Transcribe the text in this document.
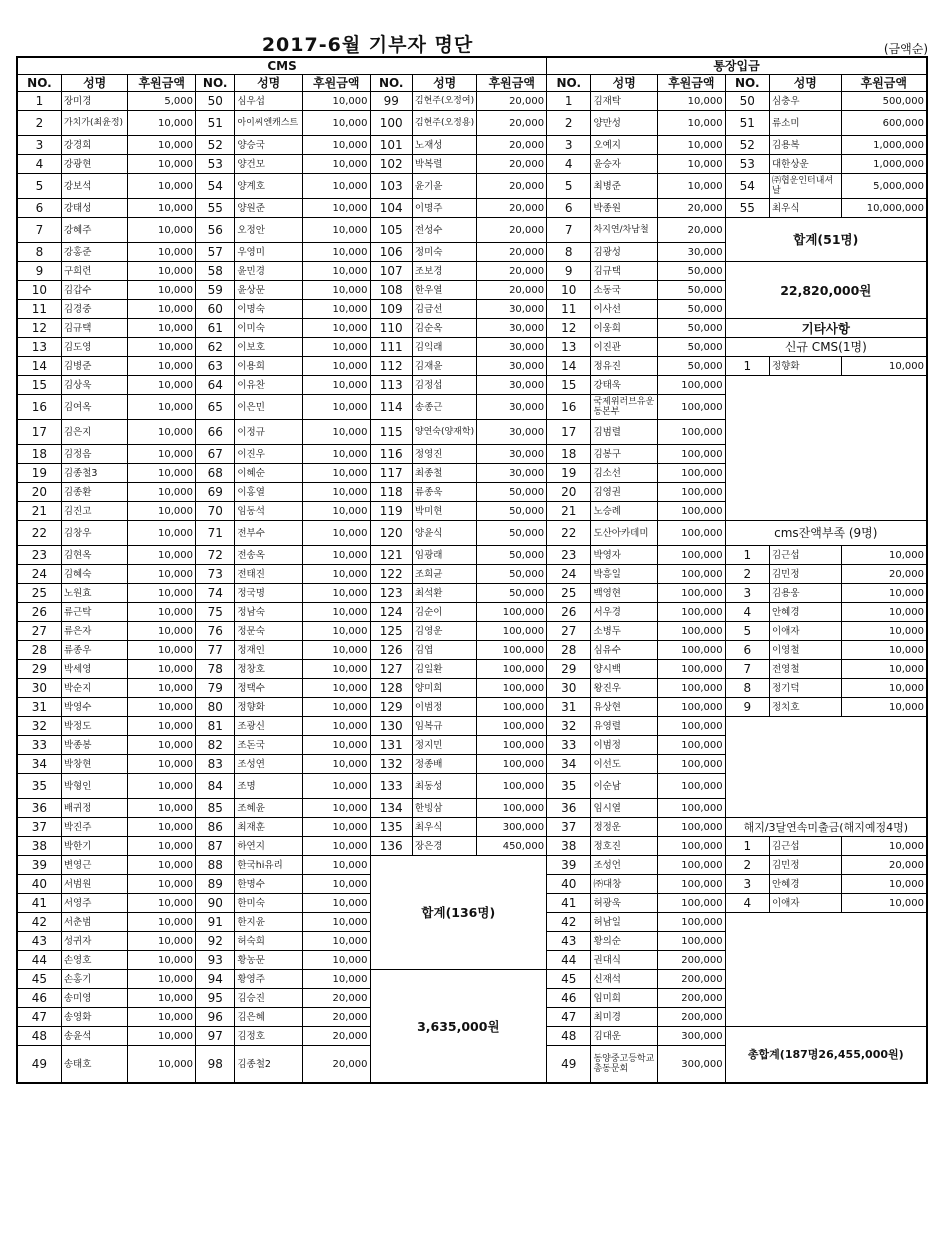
2017-6월 기부자 명단	(금액순)
CMS									통장입금					
NO.	성명	후원금액	NO.	성명	후원금액	NO.	성명	후원금액	NO.	성명	후원금액	NO.	성명	후원금액
1	장미경	5,000	50	심우섭	10,000	99	김현주(오정여)	20,000	1	김재탁	10,000	50	심충우	500,000
2	가치가(최윤정)	10,000	51	아이씨엔캐스트	10,000	100	김현주(오정용)	20,000	2	양만성	10,000	51	류소미	600,000
3	강경희	10,000	52	양승국	10,000	101	노재성	20,000	3	오예지	10,000	52	김용복	1,000,000
4	강광현	10,000	53	양건모	10,000	102	박복렬	20,000	4	윤승자	10,000	53	대한상운	1,000,000
5	강보석	10,000	54	양계호	10,000	103	윤기윤	20,000	5	최병준	10,000	54	㈜협운인터내셔날	5,000,000
6	강태성	10,000	55	양원준	10,000	104	이명주	20,000	6	박종원	20,000	55	최우식	10,000,000
7	강혜주	10,000	56	오정안	10,000	105	전성수	20,000	7	차지연/차남철	20,000	합계(51명)		
8	강홍준	10,000	57	우영미	10,000	106	정미숙	20,000	8	김광성	30,000			
9	구희련	10,000	58	윤민경	10,000	107	조보경	20,000	9	김규택	50,000	22,820,000원		
10	김갑수	10,000	59	윤상문	10,000	108	한우열	20,000	10	소동국	50,000			
11	김경중	10,000	60	이명숙	10,000	109	김금선	30,000	11	이사선	50,000			
12	김규택	10,000	61	이미숙	10,000	110	김순옥	30,000	12	이웅희	50,000	기타사항		
13	김도영	10,000	62	이보호	10,000	111	김익래	30,000	13	이진관	50,000	신규 CMS(1명)		
14	김병준	10,000	63	이용희	10,000	112	김재윤	30,000	14	정유진	50,000	1	정향화	10,000
15	김상욱	10,000	64	이유찬	10,000	113	김정섭	30,000	15	강태욱	100,000			
16	김여옥	10,000	65	이은민	10,000	114	송종근	30,000	16	국제위러브유운동본부	100,000			
17	김은지	10,000	66	이정규	10,000	115	양연숙(양재학)	30,000	17	김범렬	100,000			
18	김정음	10,000	67	이진우	10,000	116	정영진	30,000	18	김봉구	100,000			
19	김종철3	10,000	68	이혜순	10,000	117	최종철	30,000	19	김소선	100,000			
20	김종환	10,000	69	이홍열	10,000	118	류종욱	50,000	20	김영권	100,000			
21	김진고	10,000	70	임동석	10,000	119	박미현	50,000	21	노승례	100,000			
22	김창우	10,000	71	전부수	10,000	120	양윤식	50,000	22	도산아카데미	100,000	cms잔액부족 (9명)		
23	김현옥	10,000	72	전송옥	10,000	121	임광래	50,000	23	박영자	100,000	1	김근섭	10,000
24	김혜숙	10,000	73	전태진	10,000	122	조희균	50,000	24	박흥일	100,000	2	김민정	20,000
25	노원효	10,000	74	정국명	10,000	123	최석환	50,000	25	백영현	100,000	3	김용웅	10,000
26	류근탁	10,000	75	정남숙	10,000	124	김순이	100,000	26	서우경	100,000	4	안혜경	10,000
27	류은자	10,000	76	정문숙	10,000	125	김영운	100,000	27	소병두	100,000	5	이애자	10,000
28	류종우	10,000	77	정재인	10,000	126	김엽	100,000	28	심유수	100,000	6	이영철	10,000
29	박세영	10,000	78	정창호	10,000	127	김일환	100,000	29	양시백	100,000	7	전영철	10,000
30	박순지	10,000	79	정택수	10,000	128	양미희	100,000	30	왕진우	100,000	8	정기덕	10,000
31	박영수	10,000	80	정향화	10,000	129	이범정	100,000	31	유상현	100,000	9	정치호	10,000
32	박정도	10,000	81	조광신	10,000	130	임복규	100,000	32	유영렬	100,000			
33	박종봉	10,000	82	조돈국	10,000	131	정지민	100,000	33	이범정	100,000			
34	박창현	10,000	83	조성연	10,000	132	정종배	100,000	34	이선도	100,000			
35	박형인	10,000	84	조명	10,000	133	최동성	100,000	35	이순남	100,000			
36	배귀정	10,000	85	조혜윤	10,000	134	한빙삼	100,000	36	임시열	100,000			
37	박진주	10,000	86	최재훈	10,000	135	최우식	300,000	37	정정운	100,000	해지/3달연속미출금(해지예정4명)		
38	박한기	10,000	87	하연지	10,000	136	장은경	450,000	38	정호진	100,000	1	김근섭	10,000
39	변영근	10,000	88	한국hi유리	10,000	합계(136명)			39	조성언	100,000	2	김민정	20,000
40	서범원	10,000	89	한명수	10,000				40	㈜대창	100,000	3	안혜경	10,000
41	서영주	10,000	90	한미숙	10,000				41	허광욱	100,000	4	이애자	10,000
42	서춘범	10,000	91	한지윤	10,000				42	허남일	100,000			
43	성귀자	10,000	92	허숙희	10,000				43	황의순	100,000			
44	손영호	10,000	93	황농문	10,000				44	권대식	200,000			
45	손홍기	10,000	94	황영주	10,000	3,635,000원			45	신재석	200,000			
46	송미영	10,000	95	김승진	20,000				46	임미희	200,000			
47	송영화	10,000	96	김은혜	20,000				47	최미경	200,000			
48	송윤석	10,000	97	김정호	20,000				48	김대운	300,000	총합계(187명26,455,000원)		
49	송태호	10,000	98	김종철2	20,000				49	동양중고등학교 총동문회	300,000			
